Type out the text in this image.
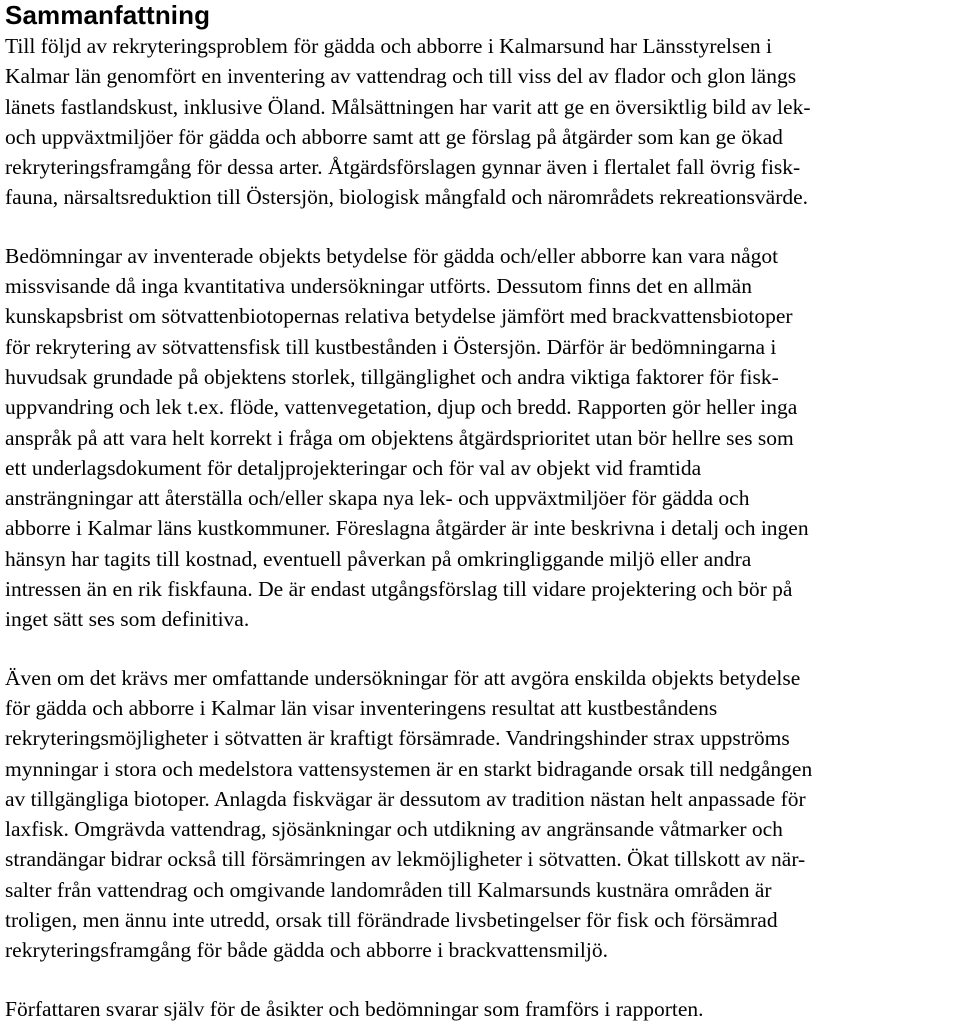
Sammanfattning
Till följd av rekryteringsproblem för gädda och abborre i Kalmarsund har Länsstyrelsen i
Kalmar län genomfört en inventering av vattendrag och till viss del av flador och glon längs
länets fastlandskust, inklusive Öland. Målsättningen har varit att ge en översiktlig bild av lek-
och uppväxtmiljöer för gädda och abborre samt att ge förslag på åtgärder som kan ge ökad
rekryteringsframgång för dessa arter. Åtgärdsförslagen gynnar även i flertalet fall övrig fisk-
fauna, närsaltsreduktion till Östersjön, biologisk mångfald och närområdets rekreationsvärde.
Bedömningar av inventerade objekts betydelse för gädda och/eller abborre kan vara något
missvisande då inga kvantitativa undersökningar utförts. Dessutom finns det en allmän
kunskapsbrist om sötvattenbiotopernas relativa betydelse jämfört med brackvattensbiotoper
för rekrytering av sötvattensfisk till kustbestånden i Östersjön. Därför är bedömningarna i
huvudsak grundade på objektens storlek, tillgänglighet och andra viktiga faktorer för fisk-
uppvandring och lek t.ex. flöde, vattenvegetation, djup och bredd. Rapporten gör heller inga
anspråk på att vara helt korrekt i fråga om objektens åtgärdsprioritet utan bör hellre ses som
ett underlagsdokument för detaljprojekteringar och för val av objekt vid framtida
ansträngningar att återställa och/eller skapa nya lek- och uppväxtmiljöer för gädda och
abborre i Kalmar läns kustkommuner. Föreslagna åtgärder är inte beskrivna i detalj och ingen
hänsyn har tagits till kostnad, eventuell påverkan på omkringliggande miljö eller andra
intressen än en rik fiskfauna. De är endast utgångsförslag till vidare projektering och bör på
inget sätt ses som definitiva.
Även om det krävs mer omfattande undersökningar för att avgöra enskilda objekts betydelse
för gädda och abborre i Kalmar län visar inventeringens resultat att kustbeståndens
rekryteringsmöjligheter i sötvatten är kraftigt försämrade. Vandringshinder strax uppströms
mynningar i stora och medelstora vattensystemen är en starkt bidragande orsak till nedgången
av tillgängliga biotoper. Anlagda fiskvägar är dessutom av tradition nästan helt anpassade för
laxfisk. Omgrävda vattendrag, sjösänkningar och utdikning av angränsande våtmarker och
strandängar bidrar också till försämringen av lekmöjligheter i sötvatten. Ökat tillskott av när-
salter från vattendrag och omgivande landområden till Kalmarsunds kustnära områden är
troligen, men ännu inte utredd, orsak till förändrade livsbetingelser för fisk och försämrad
rekryteringsframgång för både gädda och abborre i brackvattensmiljö.
Författaren svarar själv för de åsikter och bedömningar som framförs i rapporten.
